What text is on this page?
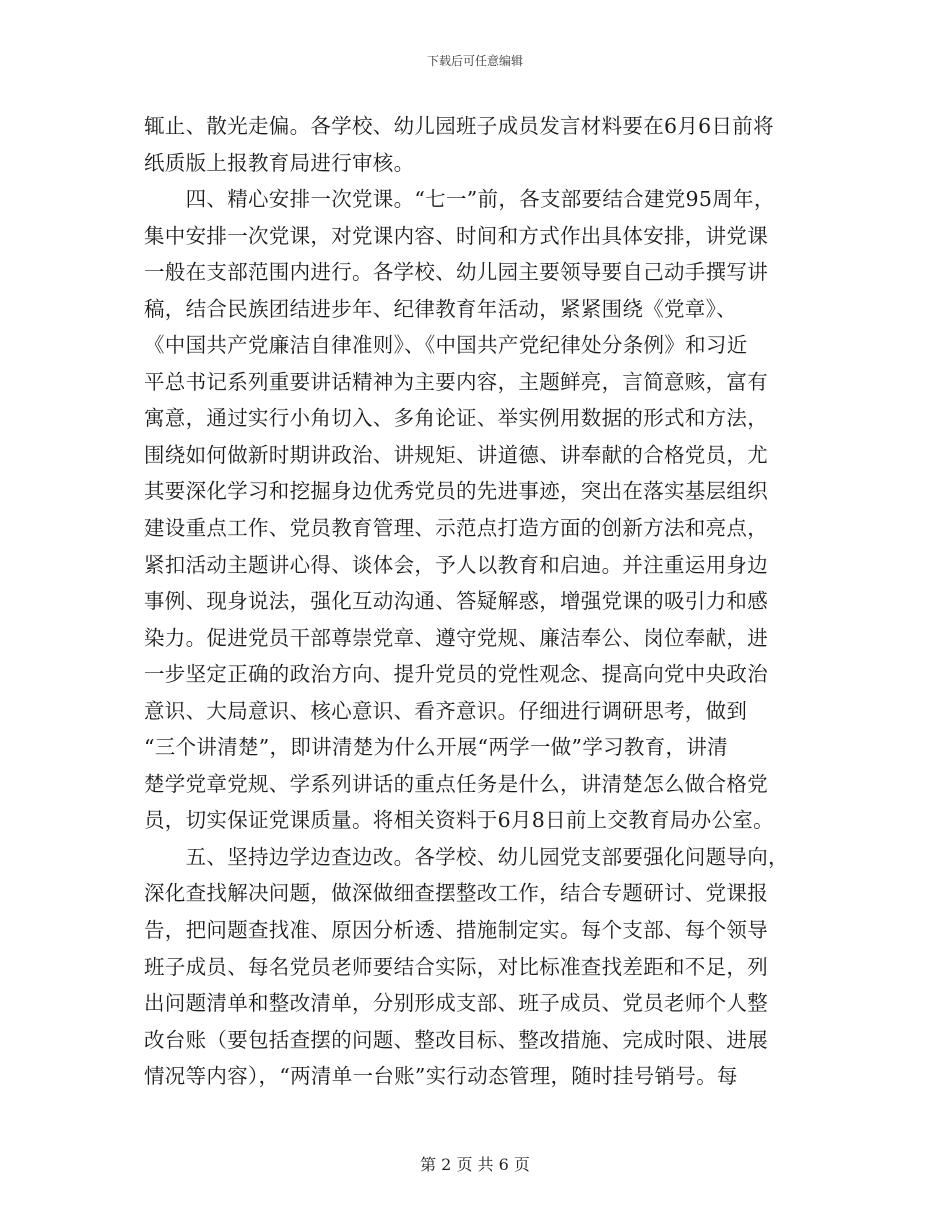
下载后可任意编辑
辄止、散光走偏。各学校、幼儿园班子成员发言材料要在6月6日前将
纸质版上报教育局进行审核。
　　四、精心安排一次党课。“七一”前，各支部要结合建党95周年，
集中安排一次党课，对党课内容、时间和方式作出具体安排，讲党课
一般在支部范围内进行。各学校、幼儿园主要领导要自己动手撰写讲
稿，结合民族团结进步年、纪律教育年活动，紧紧围绕《党章》、
《中国共产党廉洁自律准则》、《中国共产党纪律处分条例》和习近
平总书记系列重要讲话精神为主要内容，主题鲜亮，言简意赅，富有
寓意，通过实行小角切入、多角论证、举实例用数据的形式和方法，
围绕如何做新时期讲政治、讲规矩、讲道德、讲奉献的合格党员，尤
其要深化学习和挖掘身边优秀党员的先进事迹，突出在落实基层组织
建设重点工作、党员教育管理、示范点打造方面的创新方法和亮点，
紧扣活动主题讲心得、谈体会，予人以教育和启迪。并注重运用身边
事例、现身说法，强化互动沟通、答疑解惑，增强党课的吸引力和感
染力。促进党员干部尊崇党章、遵守党规、廉洁奉公、岗位奉献，进
一步坚定正确的政治方向、提升党员的党性观念、提高向党中央政治
意识、大局意识、核心意识、看齐意识。仔细进行调研思考，做到
“三个讲清楚”，即讲清楚为什么开展“两学一做”学习教育，讲清
楚学党章党规、学系列讲话的重点任务是什么，讲清楚怎么做合格党
员，切实保证党课质量。将相关资料于6月8日前上交教育局办公室。
　　五、坚持边学边查边改。各学校、幼儿园党支部要强化问题导向，
深化查找解决问题，做深做细查摆整改工作，结合专题研讨、党课报
告，把问题查找准、原因分析透、措施制定实。每个支部、每个领导
班子成员、每名党员老师要结合实际，对比标准查找差距和不足，列
出问题清单和整改清单，分别形成支部、班子成员、党员老师个人整
改台账（要包括查摆的问题、整改目标、整改措施、完成时限、进展
情况等内容），“两清单一台账”实行动态管理，随时挂号销号。每
第 2 页 共 6 页
